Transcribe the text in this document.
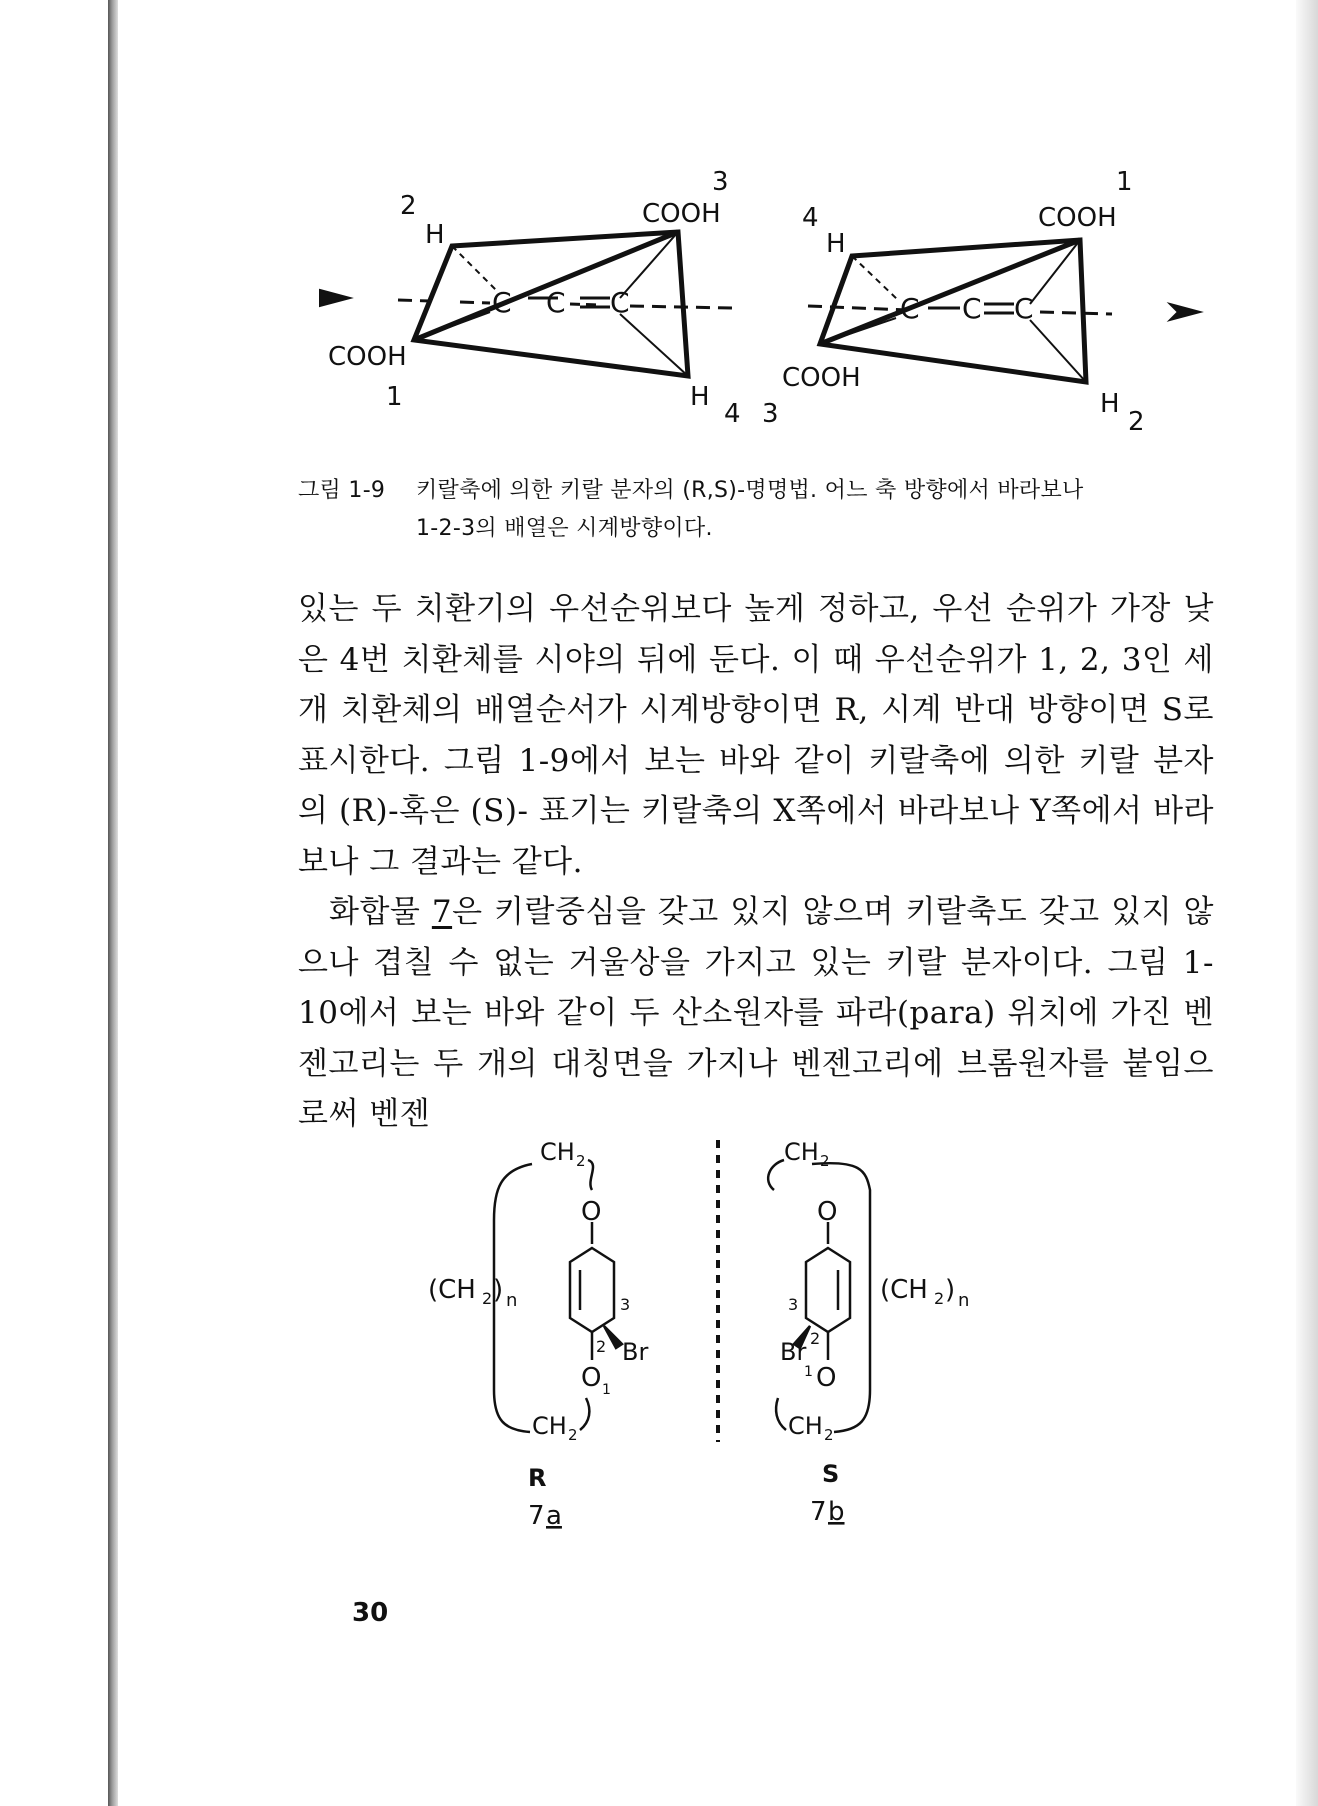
2
H
3
COOH
COOH
1	H
4
C C C
4
H
1
COOH
3
COOH
H
2
C C C
그림 1-9 키랄축에 의한 키랄 분자의 (R,S)-명명법. 어느 축 방향에서 바라보나
1-2-3의 배열은 시계방향이다.

있는 두 치환기의 우선순위보다 높게 정하고, 우선 순위가 가장 낮은 4번 치환체를 시야의 뒤에 둔다. 이 때 우선순위가 1, 2, 3인 세 개 치환체의 배열순서가 시계방향이면 R, 시계 반대 방향이면 S로 표시한다. 그림 1-9에서 보는 바와 같이 키랄축에 의한 키랄 분자의 (R)-혹은 (S)- 표기는 키랄축의 X쪽에서 바라보나 Y쪽에서 바라보나 그 결과는 같다.

화합물 7은 키랄중심을 갖고 있지 않으며 키랄축도 갖고 있지 않으나 겹칠 수 없는 거울상을 가지고 있는 키랄 분자이다. 그림 1-10에서 보는 바와 같이 두 산소원자를 파라(para) 위치에 가진 벤젠고리는 두 개의 대칭면을 가지나 벤젠고리에 브롬원자를 붙임으로써 벤젠

CH 2
O
(CH 2 ) n	3
2 Br
O 1
CH 2
R
7 a
CH 2
O
(CH 2 ) n
3
2
Br
O
1
CH 2
S
7 b
30
